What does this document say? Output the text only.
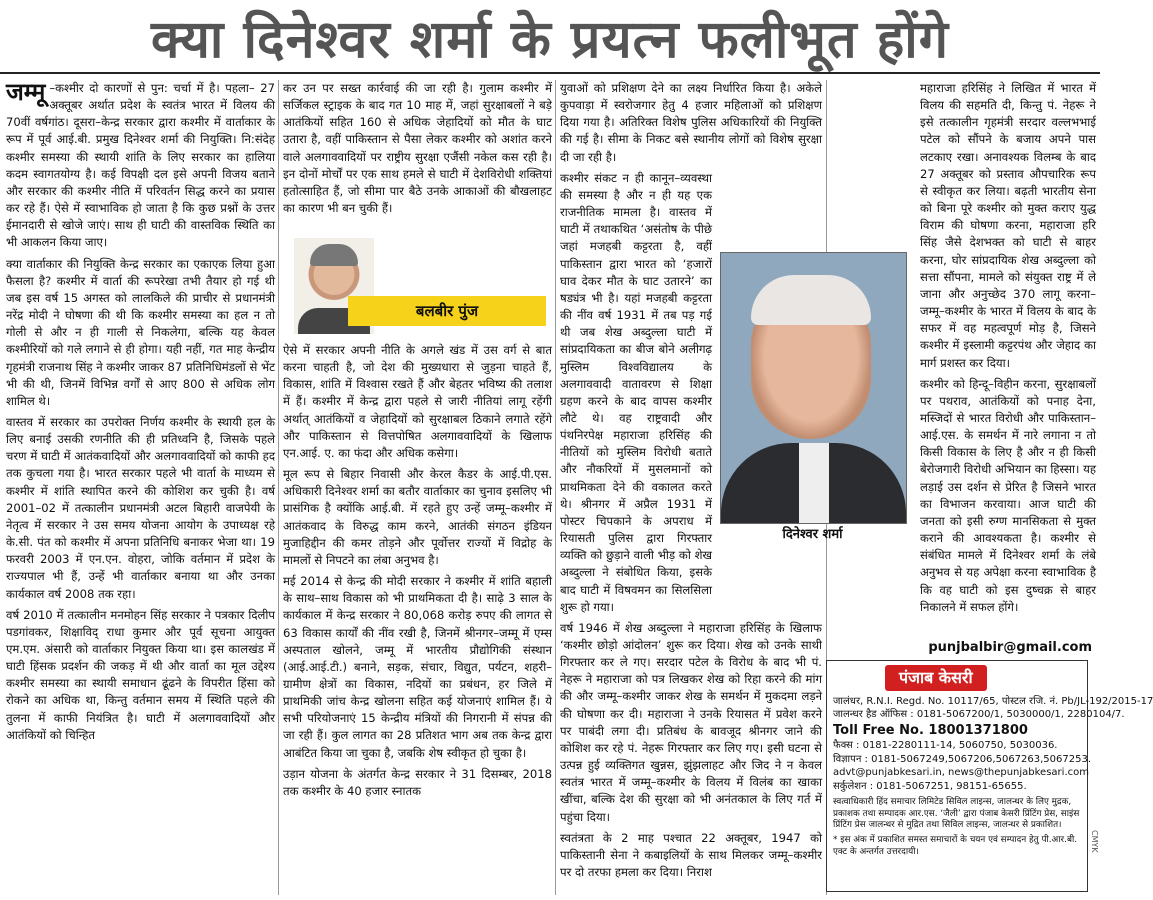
क्या दिनेश्वर शर्मा के प्रयत्न फलीभूत होंगे
जम्मू –कश्मीर दो कारणों से पुन: चर्चा में है। पहला– 27 अक्तूबर अर्थात प्रदेश के स्वतंत्र भारत में विलय की 70वीं वर्षगांठ। दूसरा–केन्द्र सरकार द्वारा कश्मीर में वार्ताकार के रूप में पूर्व आई.बी. प्रमुख दिनेश्वर शर्मा की नियुक्ति। नि:संदेह कश्मीर समस्या की स्थायी शांति के लिए सरकार का हालिया कदम स्वागतयोग्य है। कई विपक्षी दल इसे अपनी विजय बताने और सरकार की कश्मीर नीति में परिवर्तन सिद्ध करने का प्रयास कर रहे हैं। ऐसे में स्वाभाविक हो जाता है कि कुछ प्रश्नों के उत्तर ईमानदारी से खोजे जाएं। साथ ही घाटी की वास्तविक स्थिति का भी आकलन किया जाए।

क्या वार्ताकार की नियुक्ति केन्द्र सरकार का एकाएक लिया हुआ फैसला है? कश्मीर में वार्ता की रूपरेखा तभी तैयार हो गई थी जब इस वर्ष 15 अगस्त को लालकिले की प्राचीर से प्रधानमंत्री नरेंद्र मोदी ने घोषणा की थी कि कश्मीर समस्या का हल न तो गोली से और न ही गाली से निकलेगा, बल्कि यह केवल कश्मीरियों को गले लगाने से ही होगा। यही नहीं, गत माह केन्द्रीय गृहमंत्री राजनाथ सिंह ने कश्मीर जाकर 87 प्रतिनिधिमंडलों से भेंट भी की थी, जिनमें विभिन्न वर्गों से आए 800 से अधिक लोग शामिल थे।

वास्तव में सरकार का उपरोक्त निर्णय कश्मीर के स्थायी हल के लिए बनाई उसकी रणनीति की ही प्रतिध्वनि है, जिसके पहले चरण में घाटी में आतंकवादियों और अलगाववादियों को काफी हद तक कुचला गया है। भारत सरकार पहले भी वार्ता के माध्यम से कश्मीर में शांति स्थापित करने की कोशिश कर चुकी है। वर्ष 2001–02 में तत्कालीन प्रधानमंत्री अटल बिहारी वाजपेयी के नेतृत्व में सरकार ने उस समय योजना आयोग के उपाध्यक्ष रहे के.सी. पंत को कश्मीर में अपना प्रतिनिधि बनाकर भेजा था। 19 फरवरी 2003 में एन.एन. वोहरा, जोकि वर्तमान में प्रदेश के राज्यपाल भी हैं, उन्हें भी वार्ताकार बनाया था और उनका कार्यकाल वर्ष 2008 तक रहा।

वर्ष 2010 में तत्कालीन मनमोहन सिंह सरकार ने पत्रकार दिलीप पडगांवकर, शिक्षाविद् राधा कुमार और पूर्व सूचना आयुक्त एम.एम. अंसारी को वार्ताकार नियुक्त किया था। इस कालखंड में घाटी हिंसक प्रदर्शन की जकड़ में थी और वार्ता का मूल उद्देश्य कश्मीर समस्या का स्थायी समाधान ढूंढने के विपरीत हिंसा को रोकने का अधिक था, किन्तु वर्तमान समय में स्थिति पहले की तुलना में काफी नियंत्रित है। घाटी में अलगाववादियों और आतंकियों को चिन्हित

कर उन पर सख्त कार्रवाई की जा रही है। गुलाम कश्मीर में सर्जिकल स्ट्राइक के बाद गत 10 माह में, जहां सुरक्षाबलों ने बड़े आतंकियों सहित 160 से अधिक जेहादियों को मौत के घाट उतारा है, वहीं पाकिस्तान से पैसा लेकर कश्मीर को अशांत करने वाले अलगाववादियों पर राष्ट्रीय सुरक्षा एजैंसी नकेल कस रही है। इन दोनों मोर्चों पर एक साथ हमले से घाटी में देशविरोधी शक्तियां हतोत्साहित हैं, जो सीमा पार बैठे उनके आकाओं की बौखलाहट का कारण भी बन चुकी हैं।

ऐसे में सरकार अपनी नीति के अगले खंड में उस वर्ग से बात करना चाहती है, जो देश की मुख्यधारा से जुड़ना चाहते हैं, विकास, शांति में विश्वास रखते हैं और बेहतर भविष्य की तलाश में हैं। कश्मीर में केन्द्र द्वारा पहले से जारी नीतियां लागू रहेंगी अर्थात् आतंकियों व जेहादियों को सुरक्षाबल ठिकाने लगाते रहेंगे और पाकिस्तान से वित्तपोषित अलगाववादियों के खिलाफ एन.आई. ए. का फंदा और अधिक कसेगा।

मूल रूप से बिहार निवासी और केरल कैडर के आई.पी.एस. अधिकारी दिनेश्वर शर्मा का बतौर वार्ताकार का चुनाव इसलिए भी प्रासंगिक है क्योंकि आई.बी. में रहते हुए उन्हें जम्मू–कश्मीर में आतंकवाद के विरुद्ध काम करने, आतंकी संगठन इंडियन मुजाहिद्दीन की कमर तोड़ने और पूर्वोत्तर राज्यों में विद्रोह के मामलों से निपटने का लंबा अनुभव है।

मई 2014 से केन्द्र की मोदी सरकार ने कश्मीर में शांति बहाली के साथ–साथ विकास को भी प्राथमिकता दी है। साढ़े 3 साल के कार्यकाल में केन्द्र सरकार ने 80,068 करोड़ रुपए की लागत से 63 विकास कार्यों की नींव रखी है, जिनमें श्रीनगर–जम्मू में एम्स अस्पताल खोलने, जम्मू में भारतीय प्रौद्योगिकी संस्थान (आई.आई.टी.) बनाने, सड़क, संचार, विद्युत, पर्यटन, शहरी–ग्रामीण क्षेत्रों का विकास, नदियों का प्रबंधन, हर जिले में प्राथमिकी जांच केन्द्र खोलना सहित कई योजनाएं शामिल हैं। ये सभी परियोजनाएं 15 केन्द्रीय मंत्रियों की निगरानी में संपन्न की जा रही हैं। कुल लागत का 28 प्रतिशत भाग अब तक केन्द्र द्वारा आबंटित किया जा चुका है, जबकि शेष स्वीकृत हो चुका है।

उड़ान योजना के अंतर्गत केन्द्र सरकार ने 31 दिसम्बर, 2018 तक कश्मीर के 40 हजार स्नातक

बलबीर पुंज

युवाओं को प्रशिक्षण देने का लक्ष्य निर्धारित किया है। अकेले कुपवाड़ा में स्वरोजगार हेतु 4 हजार महिलाओं को प्रशिक्षण दिया गया है। अतिरिक्त विशेष पुलिस अधिकारियों की नियुक्ति की गई है। सीमा के निकट बसे स्थानीय लोगों को विशेष सुरक्षा दी जा रही है।

कश्मीर संकट न ही कानून–व्यवस्था की समस्या है और न ही यह एक राजनीतिक मामला है। वास्तव में घाटी में तथाकथित ‘असंतोष के पीछे जहां मजहबी कट्टरता है, वहीं पाकिस्तान द्वारा भारत को ‘हजारों घाव देकर मौत के घाट उतारने’ का षड्यंत्र भी है। यहां मजहबी कट्टरता की नींव वर्ष 1931 में तब पड़ गई थी जब शेख अब्दुल्ला घाटी में सांप्रदायिकता का बीज बोने अलीगढ़ मुस्लिम विश्वविद्यालय के अलगाववादी वातावरण से शिक्षा ग्रहण करने के बाद वापस कश्मीर लौटे थे। वह राष्ट्रवादी और पंथनिरपेक्ष महाराजा हरिसिंह की नीतियों को मुस्लिम विरोधी बताते और नौकरियों में मुसलमानों को प्राथमिकता देने की वकालत करते थे। श्रीनगर में अप्रैल 1931 में पोस्टर चिपकाने के अपराध में रियासती पुलिस द्वारा गिरफ्तार व्यक्ति को छुड़ाने वाली भीड़ को शेख अब्दुल्ला ने संबोधित किया, इसके बाद घाटी में विषवमन का सिलसिला शुरू हो गया।

वर्ष 1946 में शेख अब्दुल्ला ने महाराजा हरिसिंह के खिलाफ ‘कश्मीर छोड़ो आंदोलन’ शुरू कर दिया। शेख को उनके साथी गिरफ्तार कर ले गए। सरदार पटेल के विरोध के बाद भी पं. नेहरू ने महाराजा को पत्र लिखकर शेख को रिहा करने की मांग की और जम्मू–कश्मीर जाकर शेख के समर्थन में मुकदमा लड़ने की घोषणा कर दी। महाराजा ने उनके रियासत में प्रवेश करने पर पाबंदी लगा दी। प्रतिबंध के बावजूद श्रीनगर जाने की कोशिश कर रहे पं. नेहरू गिरफ्तार कर लिए गए। इसी घटना से उत्पन्न हुई व्यक्तिगत खुन्नस, झुंझलाहट और जिद ने न केवल स्वतंत्र भारत में जम्मू–कश्मीर के विलय में विलंब का खाका खींचा, बल्कि देश की सुरक्षा को भी अनंतकाल के लिए गर्त में पहुंचा दिया।

स्वतंत्रता के 2 माह पश्चात 22 अक्तूबर, 1947 को पाकिस्तानी सेना ने कबाइलियों के साथ मिलकर जम्मू–कश्मीर पर दो तरफा हमला कर दिया। निराश

महाराजा हरिसिंह ने लिखित में भारत में विलय की सहमति दी, किन्तु पं. नेहरू ने इसे तत्कालीन गृहमंत्री सरदार वल्लभभाई पटेल को सौंपने के बजाय अपने पास लटकाए रखा। अनावश्यक विलम्ब के बाद 27 अक्तूबर को प्रस्ताव औपचारिक रूप से स्वीकृत कर लिया। बढ़ती भारतीय सेना को बिना पूरे कश्मीर को मुक्त कराए युद्ध विराम की घोषणा करना, महाराजा हरि सिंह जैसे देशभक्त को घाटी से बाहर करना, घोर सांप्रदायिक शेख अब्दुल्ला को सत्ता सौंपना, मामले को संयुक्त राष्ट्र में ले जाना और अनुच्छेद 370 लागू करना–जम्मू–कश्मीर के भारत में विलय के बाद के सफर में वह महत्वपूर्ण मोड़ है, जिसने कश्मीर में इस्लामी कट्टरपंथ और जेहाद का मार्ग प्रशस्त कर दिया।

कश्मीर को हिन्दू–विहीन करना, सुरक्षाबलों पर पथराव, आतंकियों को पनाह देना, मस्जिदों से भारत विरोधी और पाकिस्तान–आई.एस. के समर्थन में नारे लगाना न तो किसी विकास के लिए है और न ही किसी बेरोजगारी विरोधी अभियान का हिस्सा। यह लड़ाई उस दर्शन से प्रेरित है जिसने भारत का विभाजन करवाया। आज घाटी की जनता को इसी रुग्ण मानसिकता से मुक्त कराने की आवश्यकता है। कश्मीर से संबंधित मामले में दिनेश्वर शर्मा के लंबे अनुभव से यह अपेक्षा करना स्वाभाविक है कि वह घाटी को इस दुष्चक्र से बाहर निकालने में सफल होंगे।

दिनेश्वर शर्मा
punjbalbir@gmail.com
पंजाब केसरी
जालंधर, R.N.I. Regd. No. 10117/65, पोस्टल रजि. नं. Pb/JL-192/2015-17
जालन्धर हैड ऑफिस : 0181-5067200/1, 5030000/1, 2280104/7.
Toll Free No. 18001371800
फैक्स : 0181-2280111-14, 5060750, 5030036.
विज्ञापन : 0181-5067249,5067206,5067263,5067253.
advt@punjabkesari.in, news@thepunjabkesari.com
सर्कुलेशन : 0181-5067251, 98151-65655.
स्वत्वाधिकारी हिंद समाचार लिमिटेड सिविल लाइन्स, जालन्धर के लिए मुद्रक, प्रकाशक तथा सम्पादक आर.एस. ‘जैली’ द्वारा पंजाब केसरी प्रिंटिंग प्रेस, साइंस प्रिंटिंग प्रेस जालन्धर से मुद्रित तथा सिविल लाइन्स, जालन्धर से प्रकाशित।
* इस अंक में प्रकाशित समस्त समाचारों के चयन एवं सम्पादन हेतु पी.आर.बी. एक्ट के अन्तर्गत उत्तरदायी।	CMYK
